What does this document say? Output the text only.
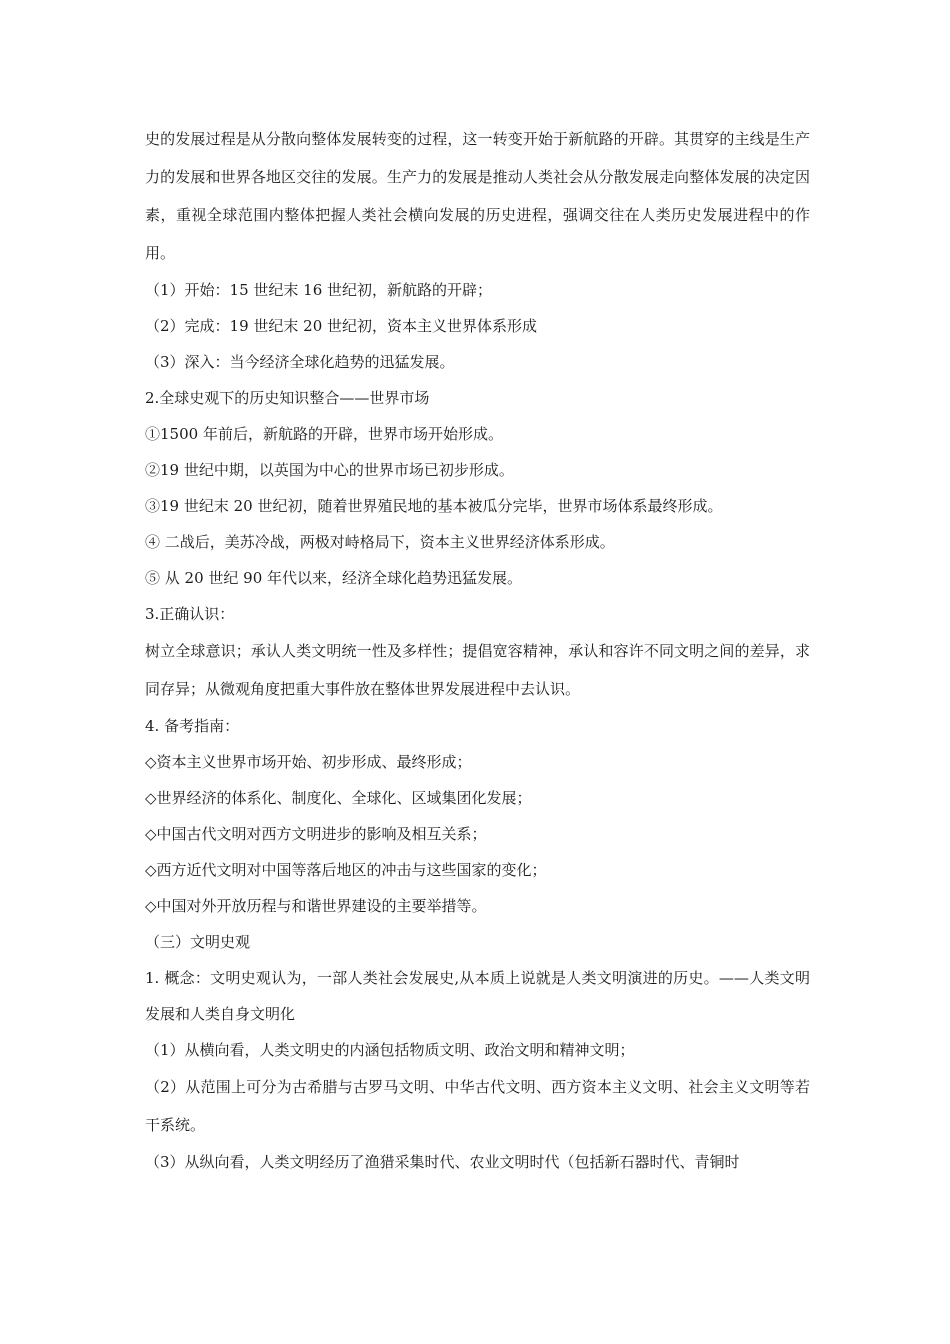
史的发展过程是从分散向整体发展转变的过程，这一转变开始于新航路的开辟。其贯穿的主线是生产力的发展和世界各地区交往的发展。生产力的发展是推动人类社会从分散发展走向整体发展的决定因素，重视全球范围内整体把握人类社会横向发展的历史进程，强调交往在人类历史发展进程中的作用。

（1）开始：15 世纪末 16 世纪初，新航路的开辟；

（2）完成：19 世纪末 20 世纪初，资本主义世界体系形成

（3）深入：当今经济全球化趋势的迅猛发展。

2.全球史观下的历史知识整合——世界市场

①1500 年前后，新航路的开辟，世界市场开始形成。

②19 世纪中期，以英国为中心的世界市场已初步形成。

③19 世纪末 20 世纪初，随着世界殖民地的基本被瓜分完毕，世界市场体系最终形成。

④ 二战后，美苏冷战，两极对峙格局下，资本主义世界经济体系形成。

⑤ 从 20 世纪 90 年代以来，经济全球化趋势迅猛发展。

3.正确认识：

树立全球意识；承认人类文明统一性及多样性；提倡宽容精神，承认和容许不同文明之间的差异，求同存异；从微观角度把重大事件放在整体世界发展进程中去认识。

4. 备考指南：

◇资本主义世界市场开始、初步形成、最终形成；

◇世界经济的体系化、制度化、全球化、区域集团化发展；

◇中国古代文明对西方文明进步的影响及相互关系；

◇西方近代文明对中国等落后地区的冲击与这些国家的变化；

◇中国对外开放历程与和谐世界建设的主要举措等。

（三）文明史观

1. 概念：文明史观认为，一部人类社会发展史,从本质上说就是人类文明演进的历史。——人类文明发展和人类自身文明化

（1）从横向看，人类文明史的内涵包括物质文明、政治文明和精神文明；

（2）从范围上可分为古希腊与古罗马文明、中华古代文明、西方资本主义文明、社会主义文明等若干系统。

（3）从纵向看，人类文明经历了渔猎采集时代、农业文明时代（包括新石器时代、青铜时
